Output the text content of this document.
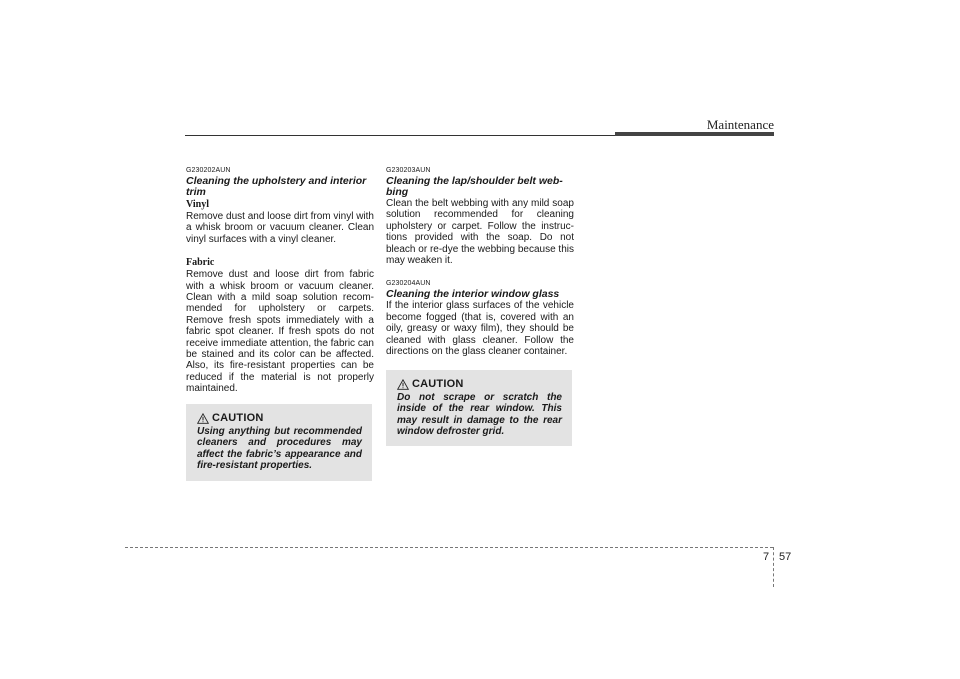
Maintenance

G230202AUN

Cleaning the upholstery and interior trim

Vinyl

Remove dust and loose dirt from vinyl with a whisk broom or vacuum cleaner. Clean vinyl surfaces with a vinyl cleaner.

Fabric

Remove dust and loose dirt from fabric with a whisk broom or vacuum cleaner. Clean with a mild soap solution recommended for upholstery or carpets. Remove fresh spots immediately with a fabric spot cleaner. If fresh spots do not receive immediate attention, the fabric can be stained and its color can be affected. Also, its fire-resistant properties can be reduced if the material is not properly maintained.

CAUTION

Using anything but recommended cleaners and procedures may affect the fabric’s appearance and fire-resistant properties.

G230203AUN

Cleaning the lap/shoulder belt webbing

Clean the belt webbing with any mild soap solution recommended for cleaning upholstery or carpet. Follow the instructions provided with the soap. Do not bleach or re-dye the webbing because this may weaken it.

G230204AUN

Cleaning the interior window glass

If the interior glass surfaces of the vehicle become fogged (that is, covered with an oily, greasy or waxy film), they should be cleaned with glass cleaner. Follow the directions on the glass cleaner container.

CAUTION

Do not scrape or scratch the inside of the rear window. This may result in damage to the rear window defroster grid.

7 57
